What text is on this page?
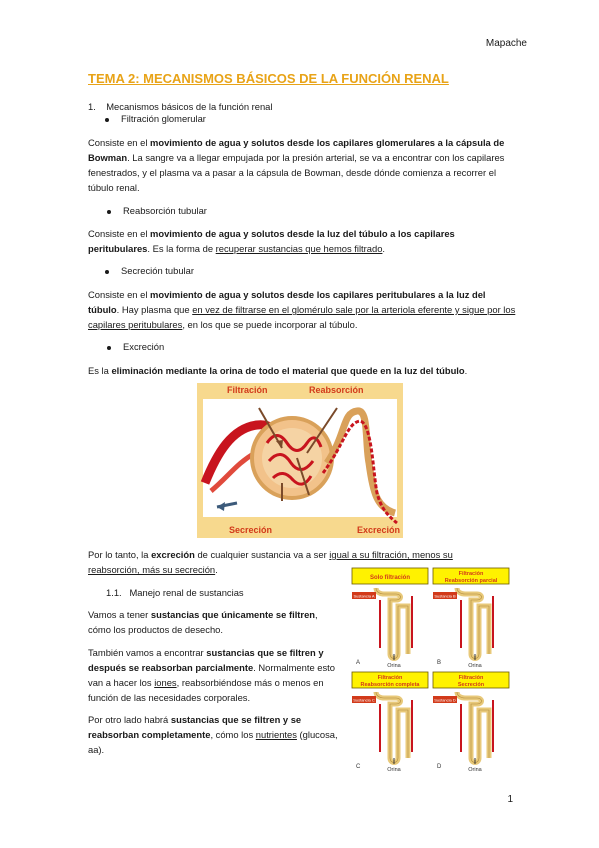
Mapache
TEMA 2: MECANISMOS BÁSICOS DE LA FUNCIÓN RENAL
1. Mecanismos básicos de la función renal
Filtración glomerular
Consiste en el movimiento de agua y solutos desde los capilares glomerulares a la cápsula de Bowman. La sangre va a llegar empujada por la presión arterial, se va a encontrar con los capilares fenestrados, y el plasma va a pasar a la cápsula de Bowman, desde dónde comienza a recorrer el túbulo renal.
Reabsorción tubular
Consiste en el movimiento de agua y solutos desde la luz del túbulo a los capilares peritubulares. Es la forma de recuperar sustancias que hemos filtrado.
Secreción tubular
Consiste en el movimiento de agua y solutos desde los capilares peritubulares a la luz del túbulo. Hay plasma que en vez de filtrarse en el glomérulo sale por la arteriola eferente y sigue por los capilares peritubulares, en los que se puede incorporar al túbulo.
Excreción
Es la eliminación mediante la orina de todo el material que quede en la luz del túbulo.
Filtración	Reabsorción
Secreción	Excreción
Por lo tanto, la excreción de cualquier sustancia va a ser igual a su filtración, menos su reabsorción, más su secreción.
1.1. Manejo renal de sustancias
Vamos a tener sustancias que únicamente se filtren, cómo los productos de desecho.
También vamos a encontrar sustancias que se filtren y después se reabsorban parcialmente. Normalmente esto van a hacer los iones, reabsorbiéndose más o menos en función de las necesidades corporales.
Por otro lado habrá sustancias que se filtren y se reabsorban completamente, cómo los nutrientes (glucosa, aa).
Solo filtración
Sustancia A
A	Orina
Filtración
Reabsorción parcial
Sustancia B
B	Orina
Filtración
Reabsorción completa
Sustancia C
C	Orina
Filtración
Secreción
Sustancia D
D	Orina
1
